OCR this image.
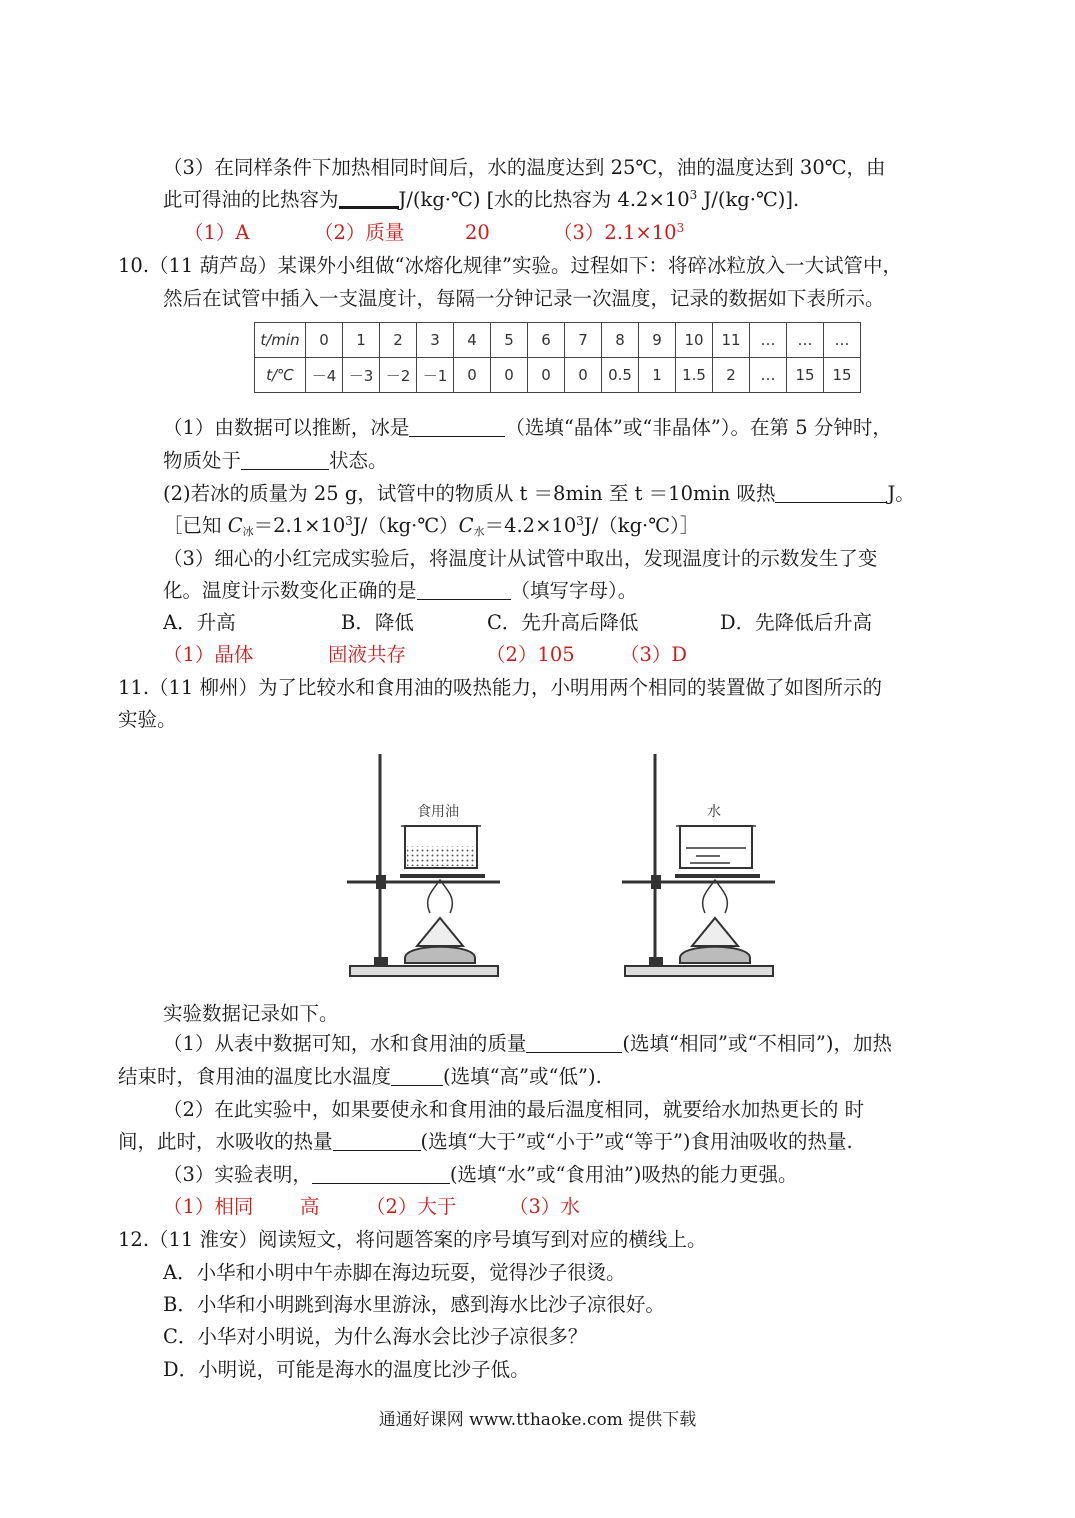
（3）在同样条件下加热相同时间后，水的温度达到 25℃，油的温度达到 30℃，由
此可得油的比热容为	J/(kg·℃) [水的比热容为 $4.2\times 10^3$ J/(kg·℃)].
（1）A	（2）质量	20	$(3)2.1\times 10^3$
10.（11 葫芦岛）某课外小组做“冰熔化规律”实验。过程如下：将碎冰粒放入一大试管中，
然后在试管中插入一支温度计，每隔一分钟记录一次温度，记录的数据如下表所示。
t/min	0	1	2	3	4	5	6	7	8	9	10	11	…	…	…
t/℃	－4	－3	－2	－1	0	0	0	0	0.5	1	1.5	2	…	15	15
（1）由数据可以推断，冰是	（选填“晶体”或“非晶体”）。在第 5 分钟时，
物质处于	状态。
(2)若冰的质量为 25 g，试管中的物质从 t ＝8min 至 t ＝10min 吸热	J。
［已知 $C_冰=2.1\times 10^3J/(kg\cdot℃)C_水=4.2\times 10^3J/(kg\cdot℃)]$
（3）细心的小红完成实验后，将温度计从试管中取出，发现温度计的示数发生了变
化。温度计示数变化正确的是	（填写字母）。
A．升高	B．降低	C．先升高后降低	D．先降低后升高
（1）晶体	固液共存	（2）105 （3）D
11.（11 柳州）为了比较水和食用油的吸热能力，小明用两个相同的装置做了如图所示的
实验。
食用油	水
实验数据记录如下。
（1）从表中数据可知，水和食用油的质量	(选填“相同”或“不相同”)，加热
结束时，食用油的温度比水温度	(选填“高”或“低”).
（2）在此实验中，如果要使永和食用油的最后温度相同，就要给水加热更长的 时
间，此时，水吸收的热量	(选填“大于”或“小于”或“等于”)食用油吸收的热量.
（3）实验表明，	(选填“水”或“食用油”)吸热的能力更强。
（1）相同 高 （2）大于	（3）水
12.（11 淮安）阅读短文，将问题答案的序号填写到对应的横线上。
A．小华和小明中午赤脚在海边玩耍，觉得沙子很烫。
B．小华和小明跳到海水里游泳，感到海水比沙子凉很好。
C．小华对小明说，为什么海水会比沙子凉很多？
D．小明说，可能是海水的温度比沙子低。
通通好课网 www.tthaoke.com 提供下载
